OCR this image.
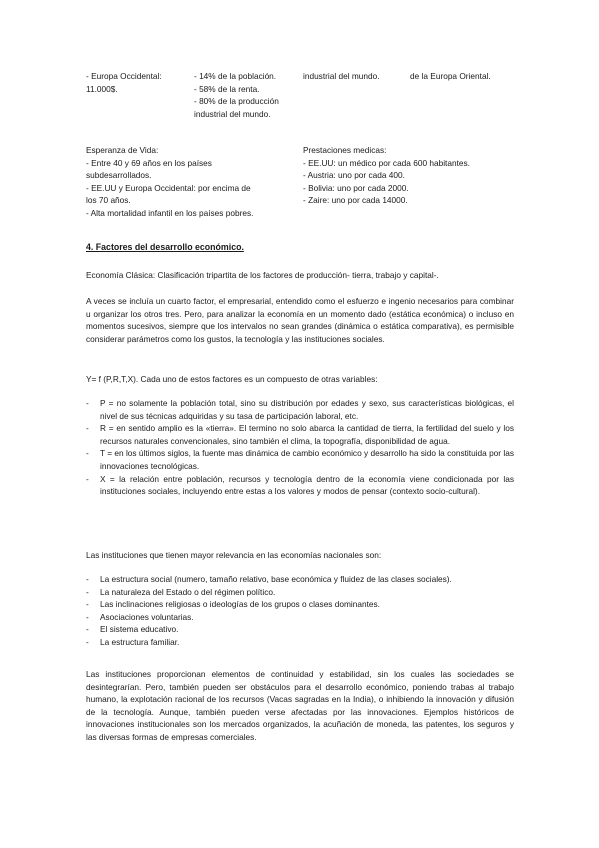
- Europa Occidental:
11.000$.
- 14% de la población.
- 58% de la renta.
- 80% de la producción
industrial del mundo.
industrial del mundo.	de la Europa Oriental.
Esperanza de Vida:
- Entre 40 y 69 años en los países
subdesarrollados.
- EE.UU y Europa Occidental: por encima de
los 70 años.
- Alta mortalidad infantil en los países pobres.
Prestaciones medicas:
- EE.UU: un médico por cada 600 habitantes.
- Austria: uno por cada 400.
- Bolivia: uno por cada 2000.
- Zaire: uno por cada 14000.
4. Factores del desarrollo económico.
Economía Clásica: Clasificación tripartita de los factores de producción- tierra, trabajo y capital-.
A veces se incluía un cuarto factor, el empresarial, entendido como el esfuerzo e ingenio necesarios para combinar u organizar los otros tres. Pero, para analizar la economía en un momento dado (estática económica) o incluso en momentos sucesivos, siempre que los intervalos no sean grandes (dinámica o estática comparativa), es permisible considerar parámetros como los gustos, la tecnología y las instituciones sociales.
Y= f (P,R,T,X). Cada uno de estos factores es un compuesto de otras variables:
- P = no solamente la población total, sino su distribución por edades y sexo, sus características biológicas, el nivel de sus técnicas adquiridas y su tasa de participación laboral, etc.
- R = en sentido amplio es la «tierra». El termino no solo abarca la cantidad de tierra, la fertilidad del suelo y los recursos naturales convencionales, sino también el clima, la topografía, disponibilidad de agua.
- T = en los últimos siglos, la fuente mas dinámica de cambio económico y desarrollo ha sido la constituida por las innovaciones tecnológicas.
- X = la relación entre población, recursos y tecnología dentro de la economía viene condicionada por las instituciones sociales, incluyendo entre estas a los valores y modos de pensar (contexto socio-cultural).
Las instituciones que tienen mayor relevancia en las economías nacionales son:
- La estructura social (numero, tamaño relativo, base económica y fluidez de las clases sociales).
- La naturaleza del Estado o del régimen político.
- Las inclinaciones religiosas o ideologías de los grupos o clases dominantes.
- Asociaciones voluntarias.
- El sistema educativo.
- La estructura familiar.
Las instituciones proporcionan elementos de continuidad y estabilidad, sin los cuales las sociedades se desintegrarían. Pero, también pueden ser obstáculos para el desarrollo económico, poniendo trabas al trabajo humano, la explotación racional de los recursos (Vacas sagradas en la India), o inhibiendo la innovación y difusión de la tecnología. Aunque, también pueden verse afectadas por las innovaciones. Ejemplos históricos de innovaciones institucionales son los mercados organizados, la acuñación de moneda, las patentes, los seguros y las diversas formas de empresas comerciales.
